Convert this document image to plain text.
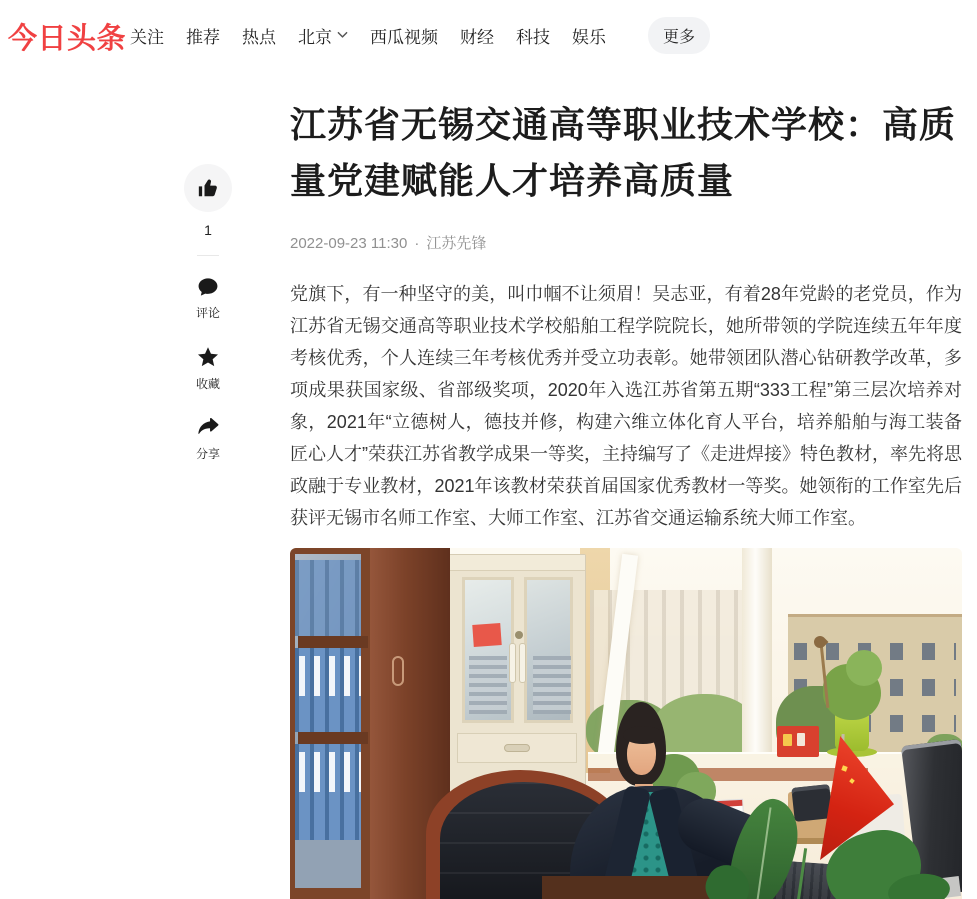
今日头条 关注 推荐 热点 北京 西瓜视频 财经 科技 娱乐	更多
1
评论
收藏
分享
江苏省无锡交通高等职业技术学校：高质量党建赋能人才培养高质量
2022-09-23 11:30 · 江苏先锋

党旗下，有一种坚守的美，叫巾帼不让须眉！吴志亚，有着28年党龄的老党员，作为江苏省无锡交通高等职业技术学校船舶工程学院院长，她所带领的学院连续五年年度考核优秀，个人连续三年考核优秀并受立功表彰。她带领团队潜心钻研教学改革，多项成果获国家级、省部级奖项，2020年入选江苏省第五期“333工程”第三层次培养对象，2021年“立德树人，德技并修，构建六维立体化育人平台，培养船舶与海工装备匠心人才”荣获江苏省教学成果一等奖，主持编写了《走进焊接》特色教材，率先将思政融于专业教材，2021年该教材荣获首届国家优秀教材一等奖。她领衔的工作室先后获评无锡市名师工作室、大师工作室、江苏省交通运输系统大师工作室。
